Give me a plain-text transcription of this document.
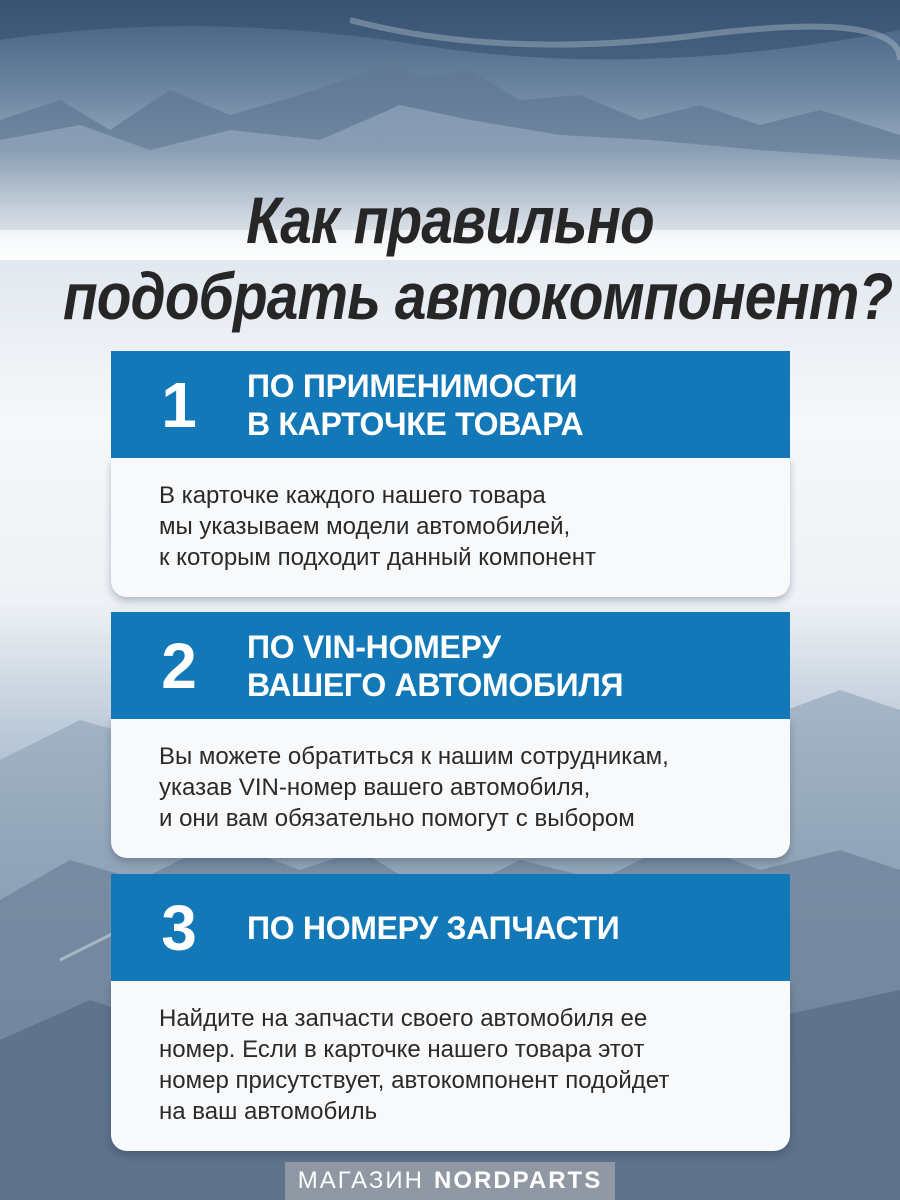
Как правильно
подобрать автокомпонент?
1 ПО ПРИМЕНИМОСТИ
В КАРТОЧКЕ ТОВАРА
В карточке каждого нашего товара
мы указываем модели автомобилей,
к которым подходит данный компонент
2 ПО VIN-НОМЕРУ
ВАШЕГО АВТОМОБИЛЯ
Вы можете обратиться к нашим сотрудникам,
указав VIN-номер вашего автомобиля,
и они вам обязательно помогут с выбором
3 ПО НОМЕРУ ЗАПЧАСТИ
Найдите на запчасти своего автомобиля ее
номер. Если в карточке нашего товара этот
номер присутствует, автокомпонент подойдет
на ваш автомобиль
МАГАЗИН NORDPARTS
